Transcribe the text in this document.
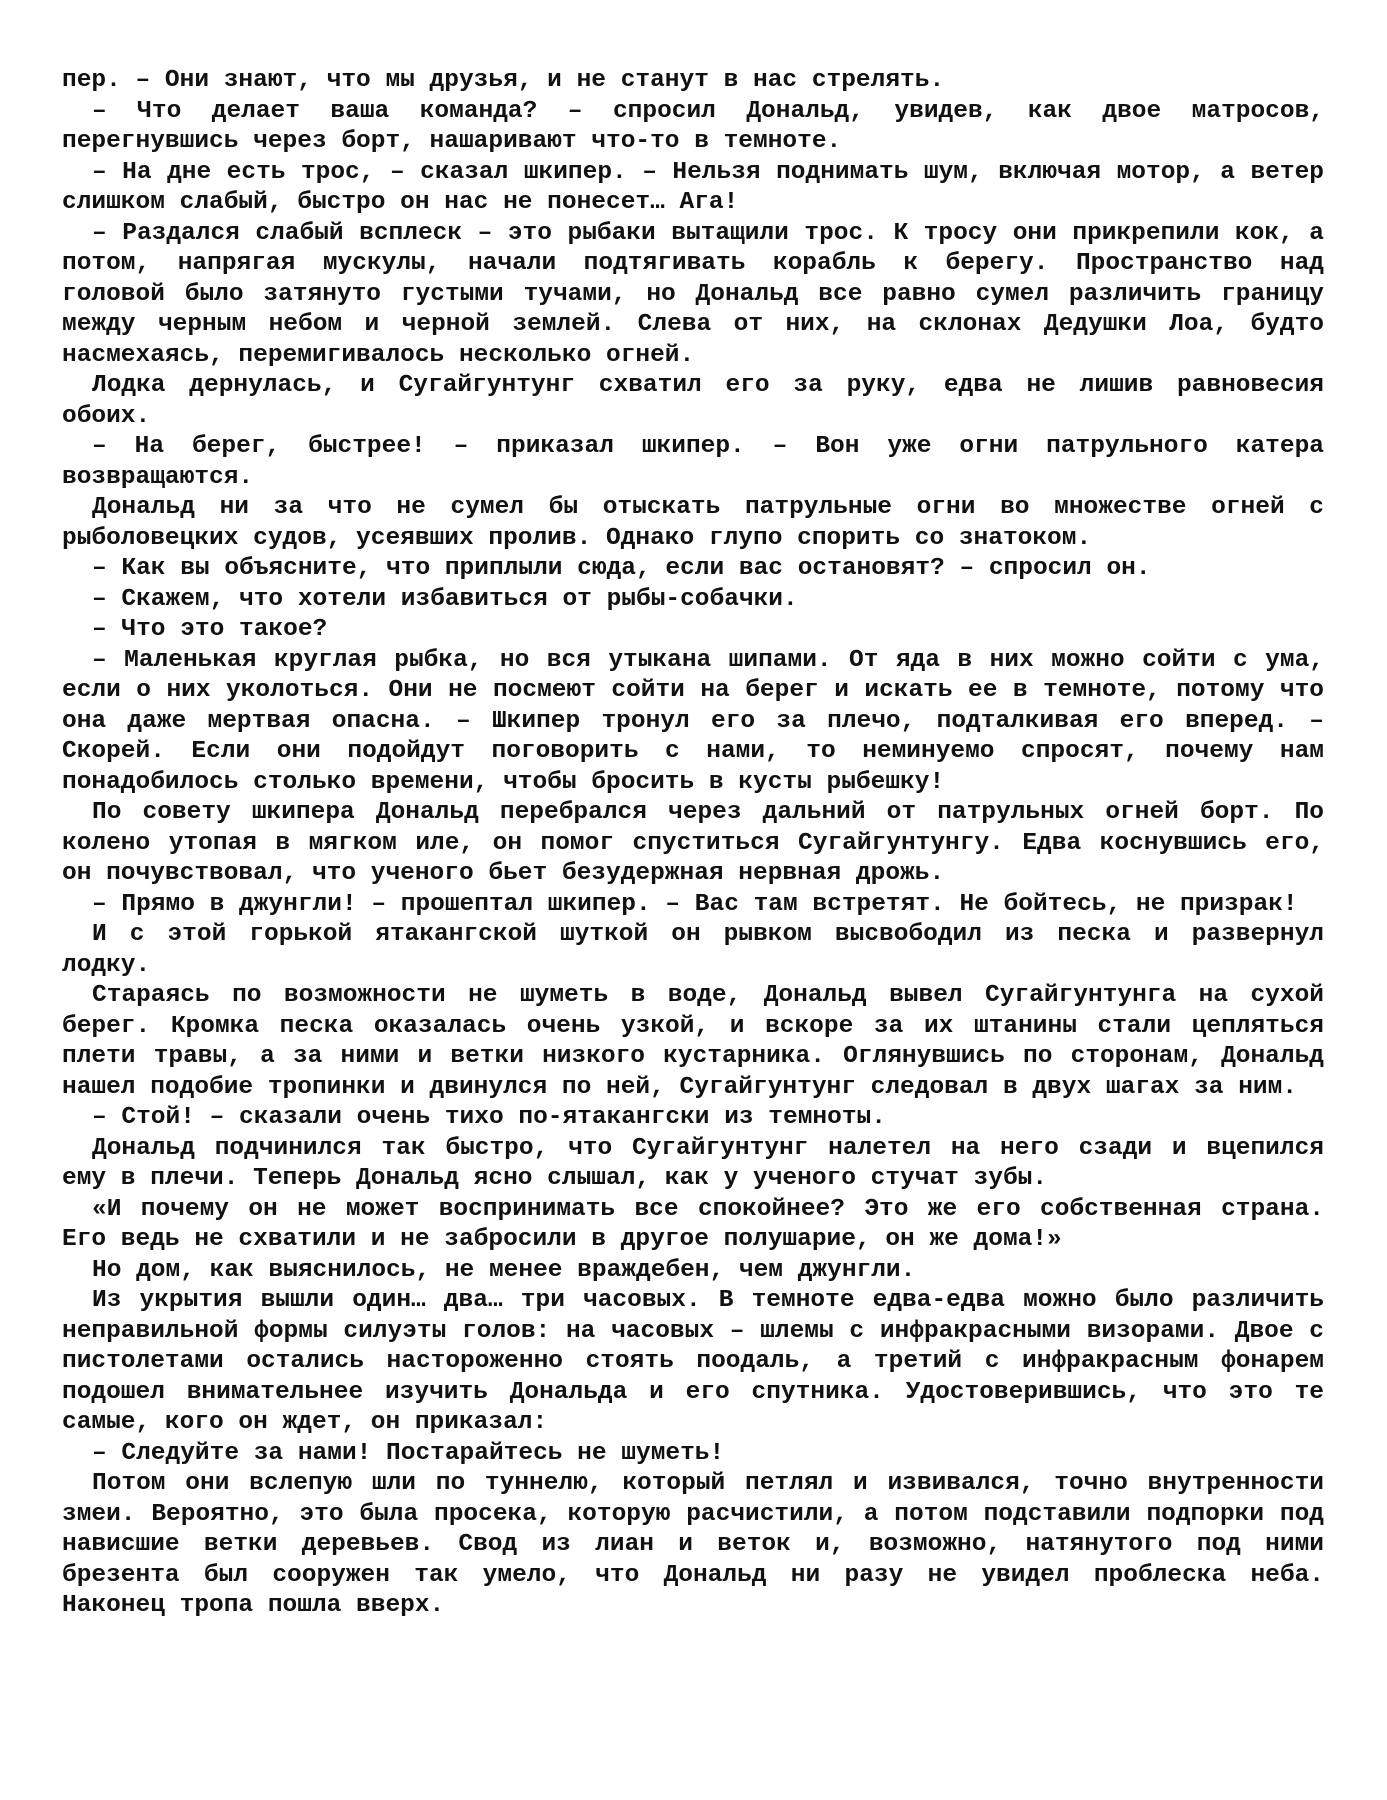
пер. – Они знают, что мы друзья, и не станут в нас стрелять.

– Что делает ваша команда? – спросил Дональд, увидев, как двое матросов, перегнувшись через борт, нашаривают что-то в темноте.

– На дне есть трос, – сказал шкипер. – Нельзя поднимать шум, включая мотор, а ветер слишком слабый, быстро он нас не понесет… Ага!

– Раздался слабый всплеск – это рыбаки вытащили трос. К тросу они прикрепили кок, а потом, напрягая мускулы, начали подтягивать корабль к берегу. Пространство над головой было затянуто густыми тучами, но Дональд все равно сумел различить границу между черным небом и черной землей. Слева от них, на склонах Дедушки Лоа, будто насмехаясь, перемигивалось несколько огней.

Лодка дернулась, и Сугайгунтунг схватил его за руку, едва не лишив равновесия обоих.

– На берег, быстрее! – приказал шкипер. – Вон уже огни патрульного катера возвращаются.

Дональд ни за что не сумел бы отыскать патрульные огни во множестве огней с рыболовецких судов, усеявших пролив. Однако глупо спорить со знатоком.

– Как вы объясните, что приплыли сюда, если вас остановят? – спросил он.

– Скажем, что хотели избавиться от рыбы-собачки.

– Что это такое?

– Маленькая круглая рыбка, но вся утыкана шипами. От яда в них можно сойти с ума, если о них уколоться. Они не посмеют сойти на берег и искать ее в темноте, потому что она даже мертвая опасна. – Шкипер тронул его за плечо, подталкивая его вперед. – Скорей. Если они подойдут поговорить с нами, то неминуемо спросят, почему нам понадобилось столько времени, чтобы бросить в кусты рыбешку!

По совету шкипера Дональд перебрался через дальний от патрульных огней борт. По колено утопая в мягком иле, он помог спуститься Сугайгунтунгу. Едва коснувшись его, он почувствовал, что ученого бьет безудержная нервная дрожь.

– Прямо в джунгли! – прошептал шкипер. – Вас там встретят. Не бойтесь, не призрак!

И с этой горькой ятакангской шуткой он рывком высвободил из песка и развернул лодку.

Стараясь по возможности не шуметь в воде, Дональд вывел Сугайгунтунга на сухой берег. Кромка песка оказалась очень узкой, и вскоре за их штанины стали цепляться плети травы, а за ними и ветки низкого кустарника. Оглянувшись по сторонам, Дональд нашел подобие тропинки и двинулся по ней, Сугайгунтунг следовал в двух шагах за ним.

– Стой! – сказали очень тихо по-ятакангски из темноты.

Дональд подчинился так быстро, что Сугайгунтунг налетел на него сзади и вцепился ему в плечи. Теперь Дональд ясно слышал, как у ученого стучат зубы.

«И почему он не может воспринимать все спокойнее? Это же его собственная страна. Его ведь не схватили и не забросили в другое полушарие, он же дома!»

Но дом, как выяснилось, не менее враждебен, чем джунгли.

Из укрытия вышли один… два… три часовых. В темноте едва-едва можно было различить неправильной формы силуэты голов: на часовых – шлемы с инфракрасными визорами. Двое с пистолетами остались настороженно стоять поодаль, а третий с инфракрасным фонарем подошел внимательнее изучить Дональда и его спутника. Удостоверившись, что это те самые, кого он ждет, он приказал:

– Следуйте за нами! Постарайтесь не шуметь!

Потом они вслепую шли по туннелю, который петлял и извивался, точно внутренности змеи. Вероятно, это была просека, которую расчистили, а потом подставили подпорки под нависшие ветки деревьев. Свод из лиан и веток и, возможно, натянутого под ними брезента был сооружен так умело, что Дональд ни разу не увидел проблеска неба. Наконец тропа пошла вверх.
